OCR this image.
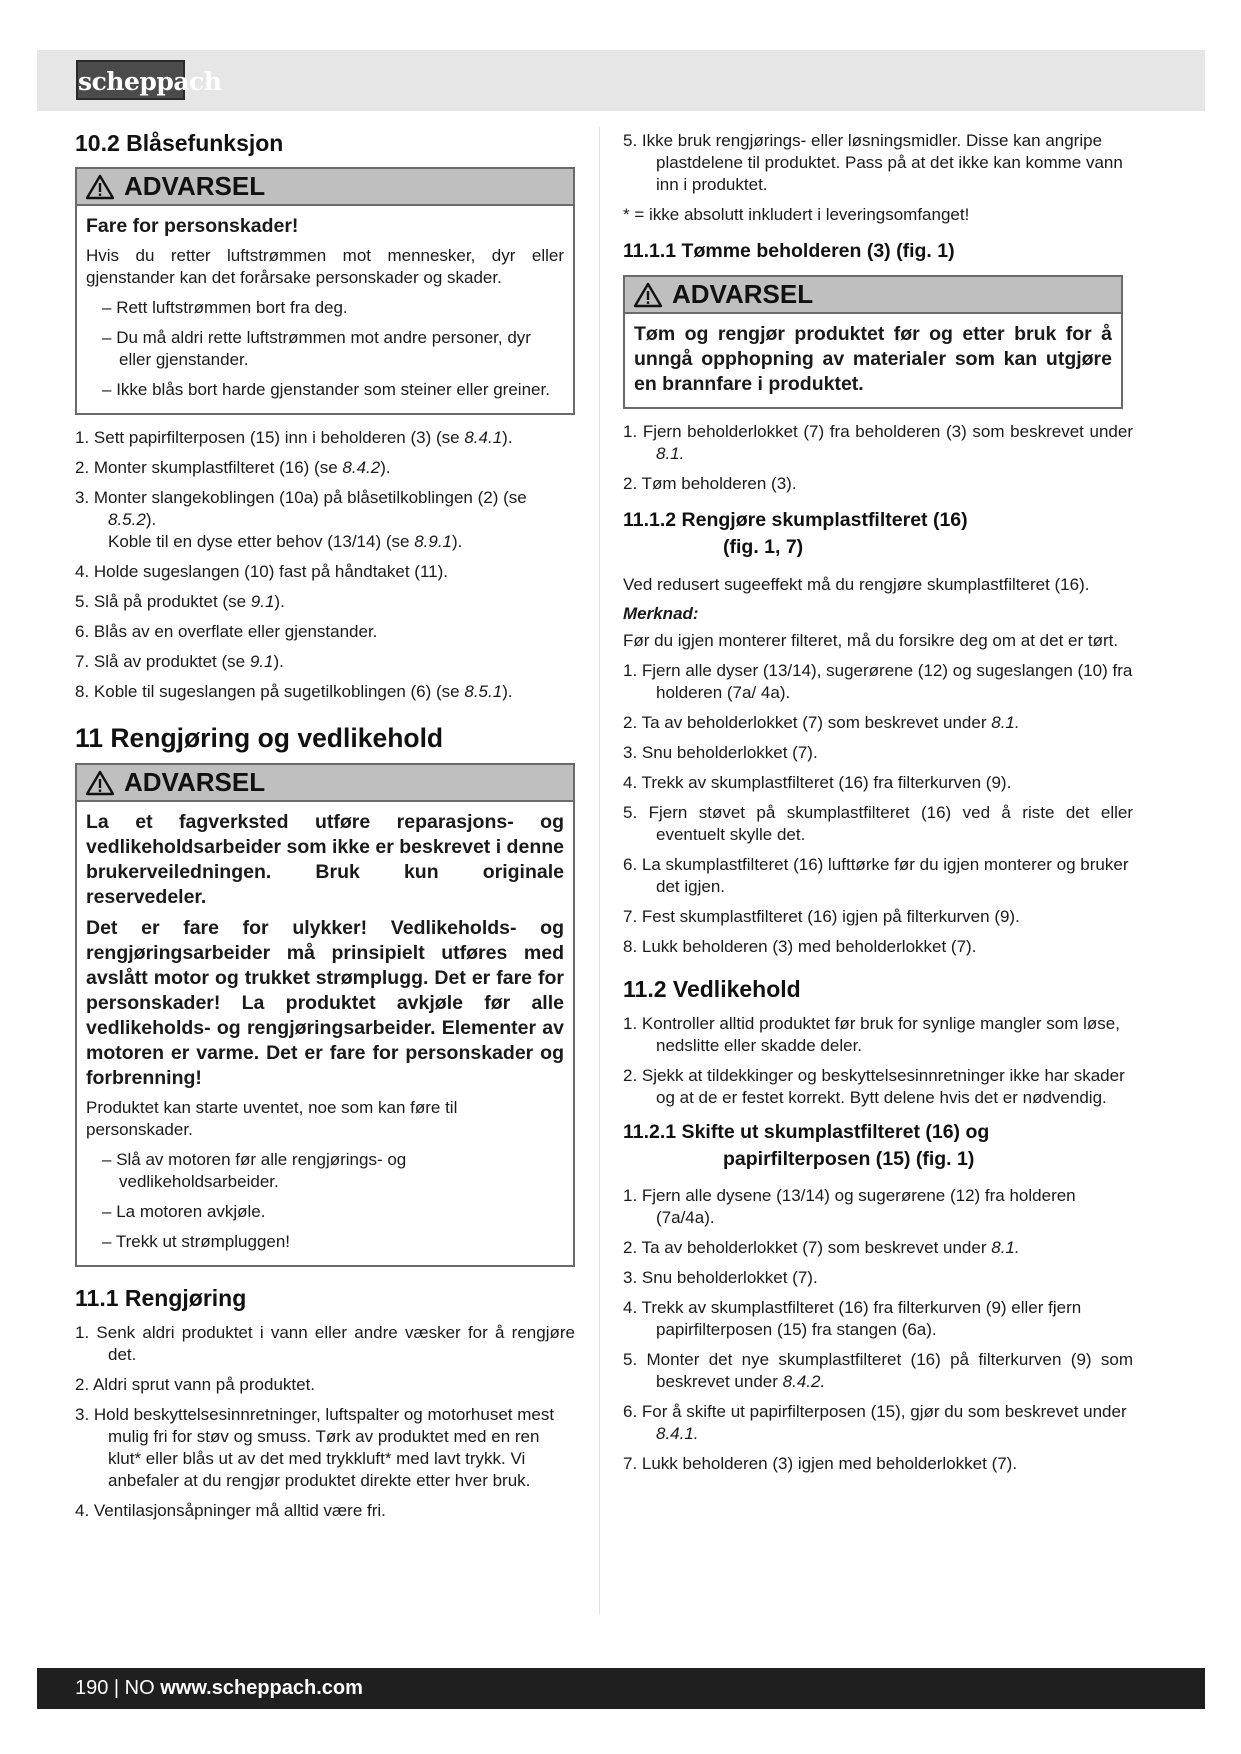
scheppach
10.2 Blåsefunksjon
ADVARSEL
Fare for personskader!

Hvis du retter luftstrømmen mot mennesker, dyr eller gjenstander kan det forårsake personskader og skader.

– Rett luftstrømmen bort fra deg.
– Du må aldri rette luftstrømmen mot andre personer, dyr eller gjenstander.
– Ikke blås bort harde gjenstander som steiner eller greiner.
1. Sett papirfilterposen (15) inn i beholderen (3) (se 8.4.1).
2. Monter skumplastfilteret (16) (se 8.4.2).
3. Monter slangekoblingen (10a) på blåsetilkoblingen (2) (se 8.5.2).
Koble til en dyse etter behov (13/14) (se 8.9.1).
4. Holde sugeslangen (10) fast på håndtaket (11).
5. Slå på produktet (se 9.1).
6. Blås av en overflate eller gjenstander.
7. Slå av produktet (se 9.1).
8. Koble til sugeslangen på sugetilkoblingen (6) (se 8.5.1).
11 Rengjøring og vedlikehold
ADVARSEL
La et fagverksted utføre reparasjons- og vedlikeholdsarbeider som ikke er beskrevet i denne brukerveiledningen. Bruk kun originale reservedeler.
Det er fare for ulykker! Vedlikeholds- og rengjøringsarbeider må prinsipielt utføres med avslått motor og trukket strømplugg. Det er fare for personskader! La produktet avkjøle før alle vedlikeholds- og rengjøringsarbeider. Elementer av motoren er varme. Det er fare for personskader og forbrenning!

Produktet kan starte uventet, noe som kan føre til personskader.

– Slå av motoren før alle rengjørings- og vedlikeholdsarbeider.
– La motoren avkjøle.
– Trekk ut strømpluggen!
11.1 Rengjøring
1. Senk aldri produktet i vann eller andre væsker for å rengjøre det.
2. Aldri sprut vann på produktet.
3. Hold beskyttelsesinnretninger, luftspalter og motorhuset mest mulig fri for støv og smuss. Tørk av produktet med en ren klut* eller blås ut av det med trykkluft* med lavt trykk. Vi anbefaler at du rengjør produktet direkte etter hver bruk.
4. Ventilasjonsåpninger må alltid være fri.
5. Ikke bruk rengjørings- eller løsningsmidler. Disse kan angripe plastdelene til produktet. Pass på at det ikke kan komme vann inn i produktet.

* = ikke absolutt inkludert i leveringsomfanget!

11.1.1 Tømme beholderen (3) (fig. 1)
ADVARSEL
Tøm og rengjør produktet før og etter bruk for å unngå opphopning av materialer som kan utgjøre en brannfare i produktet.
1. Fjern beholderlokket (7) fra beholderen (3) som beskrevet under 8.1.
2. Tøm beholderen (3).
11.1.2 Rengjøre skumplastfilteret (16)
(fig. 1, 7)

Ved redusert sugeeffekt må du rengjøre skumplastfilteret (16).

Merknad:

Før du igjen monterer filteret, må du forsikre deg om at det er tørt.

1. Fjern alle dyser (13/14), sugerørene (12) og sugeslangen (10) fra holderen (7a/ 4a).
2. Ta av beholderlokket (7) som beskrevet under 8.1.
3. Snu beholderlokket (7).
4. Trekk av skumplastfilteret (16) fra filterkurven (9).
5. Fjern støvet på skumplastfilteret (16) ved å riste det eller eventuelt skylle det.
6. La skumplastfilteret (16) lufttørke før du igjen monterer og bruker det igjen.
7. Fest skumplastfilteret (16) igjen på filterkurven (9).
8. Lukk beholderen (3) med beholderlokket (7).
11.2 Vedlikehold
1. Kontroller alltid produktet før bruk for synlige mangler som løse, nedslitte eller skadde deler.
2. Sjekk at tildekkinger og beskyttelsesinnretninger ikke har skader og at de er festet korrekt. Bytt delene hvis det er nødvendig.
11.2.1 Skifte ut skumplastfilteret (16) og
papirfilterposen (15) (fig. 1)
1. Fjern alle dysene (13/14) og sugerørene (12) fra holderen (7a/4a).
2. Ta av beholderlokket (7) som beskrevet under 8.1.
3. Snu beholderlokket (7).
4. Trekk av skumplastfilteret (16) fra filterkurven (9) eller fjern papirfilterposen (15) fra stangen (6a).
5. Monter det nye skumplastfilteret (16) på filterkurven (9) som beskrevet under 8.4.2.
6. For å skifte ut papirfilterposen (15), gjør du som beskrevet under 8.4.1.
7. Lukk beholderen (3) igjen med beholderlokket (7).
190 | NO www.scheppach.com
